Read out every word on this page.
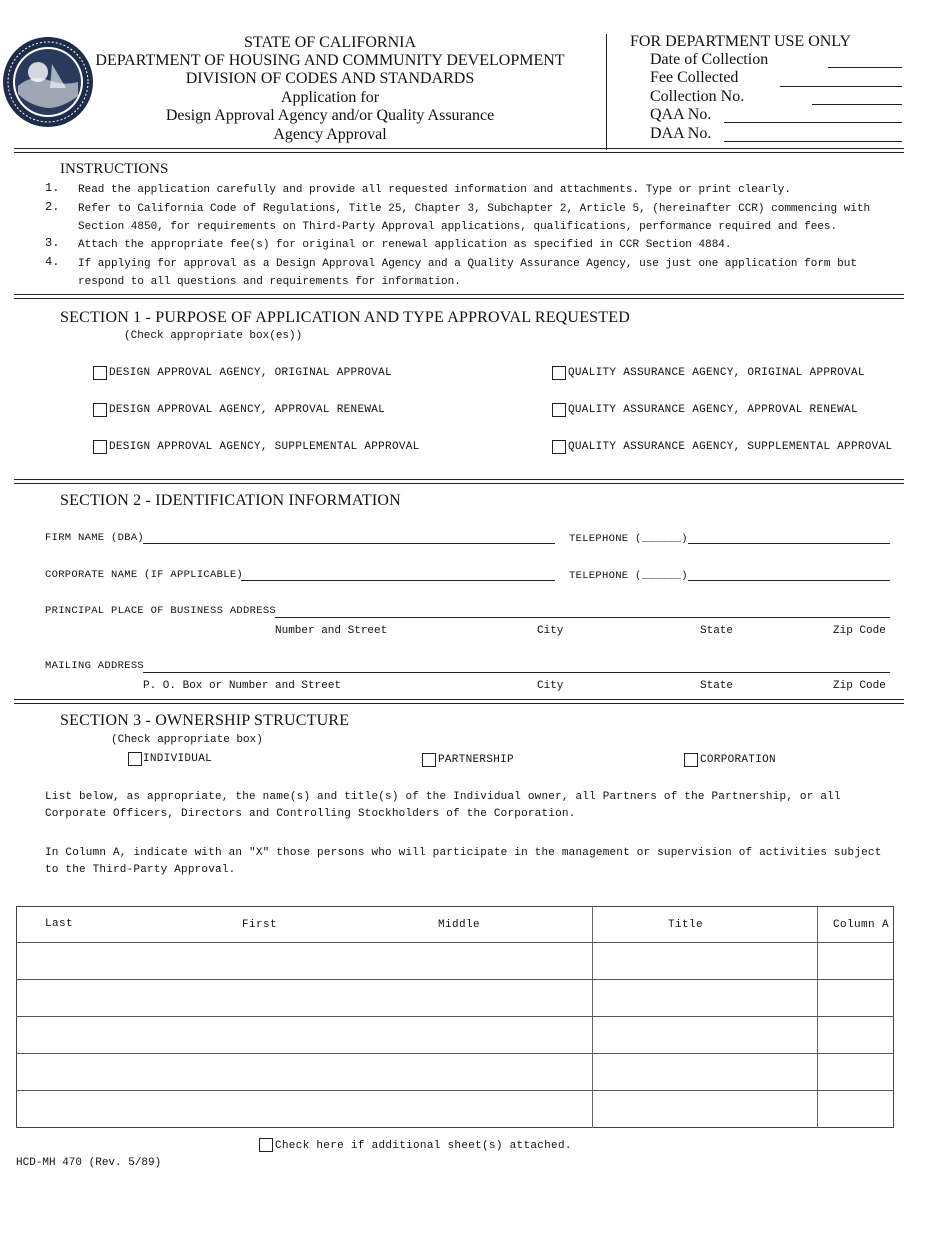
STATE OF CALIFORNIA
DEPARTMENT OF HOUSING AND COMMUNITY DEVELOPMENT
DIVISION OF CODES AND STANDARDS
Application for
Design Approval Agency and/or Quality Assurance
Agency Approval
FOR DEPARTMENT USE ONLY
Date of Collection
Fee Collected
Collection No.
QAA No.
DAA No.
INSTRUCTIONS
1. Read the application carefully and provide all requested information and attachments. Type or print clearly.
2. Refer to California Code of Regulations, Title 25, Chapter 3, Subchapter 2, Article 5, (hereinafter CCR) commencing with
Section 4850, for requirements on Third-Party Approval applications, qualifications, performance required and fees.
3. Attach the appropriate fee(s) for original or renewal application as specified in CCR Section 4884.
4. If applying for approval as a Design Approval Agency and a Quality Assurance Agency, use just one application form but
respond to all questions and requirements for information.
SECTION 1 - PURPOSE OF APPLICATION AND TYPE APPROVAL REQUESTED
(Check appropriate box(es))
DESIGN APPROVAL AGENCY, ORIGINAL APPROVAL
DESIGN APPROVAL AGENCY, APPROVAL RENEWAL
DESIGN APPROVAL AGENCY, SUPPLEMENTAL APPROVAL
QUALITY ASSURANCE AGENCY, ORIGINAL APPROVAL
QUALITY ASSURANCE AGENCY, APPROVAL RENEWAL
QUALITY ASSURANCE AGENCY, SUPPLEMENTAL APPROVAL
SECTION 2 - IDENTIFICATION INFORMATION
FIRM NAME (DBA)	TELEPHONE (______)
CORPORATE NAME (IF APPLICABLE)	TELEPHONE (______)
PRINCIPAL PLACE OF BUSINESS ADDRESS
Number and Street	City	State	Zip Code
MAILING ADDRESS
P. O. Box or Number and Street	City	State	Zip Code
SECTION 3 - OWNERSHIP STRUCTURE
(Check appropriate box)
INDIVIDUAL	PARTNERSHIP	CORPORATION
List below, as appropriate, the name(s) and title(s) of the Individual owner, all Partners of the Partnership, or all Corporate Officers, Directors and Controlling Stockholders of the Corporation.
In Column A, indicate with an "X" those persons who will participate in the management or supervision of activities subject to the Third-Party Approval.
Last	First	Middle	Title	Column A
Check here if additional sheet(s) attached.
HCD-MH 470 (Rev. 5/89)
